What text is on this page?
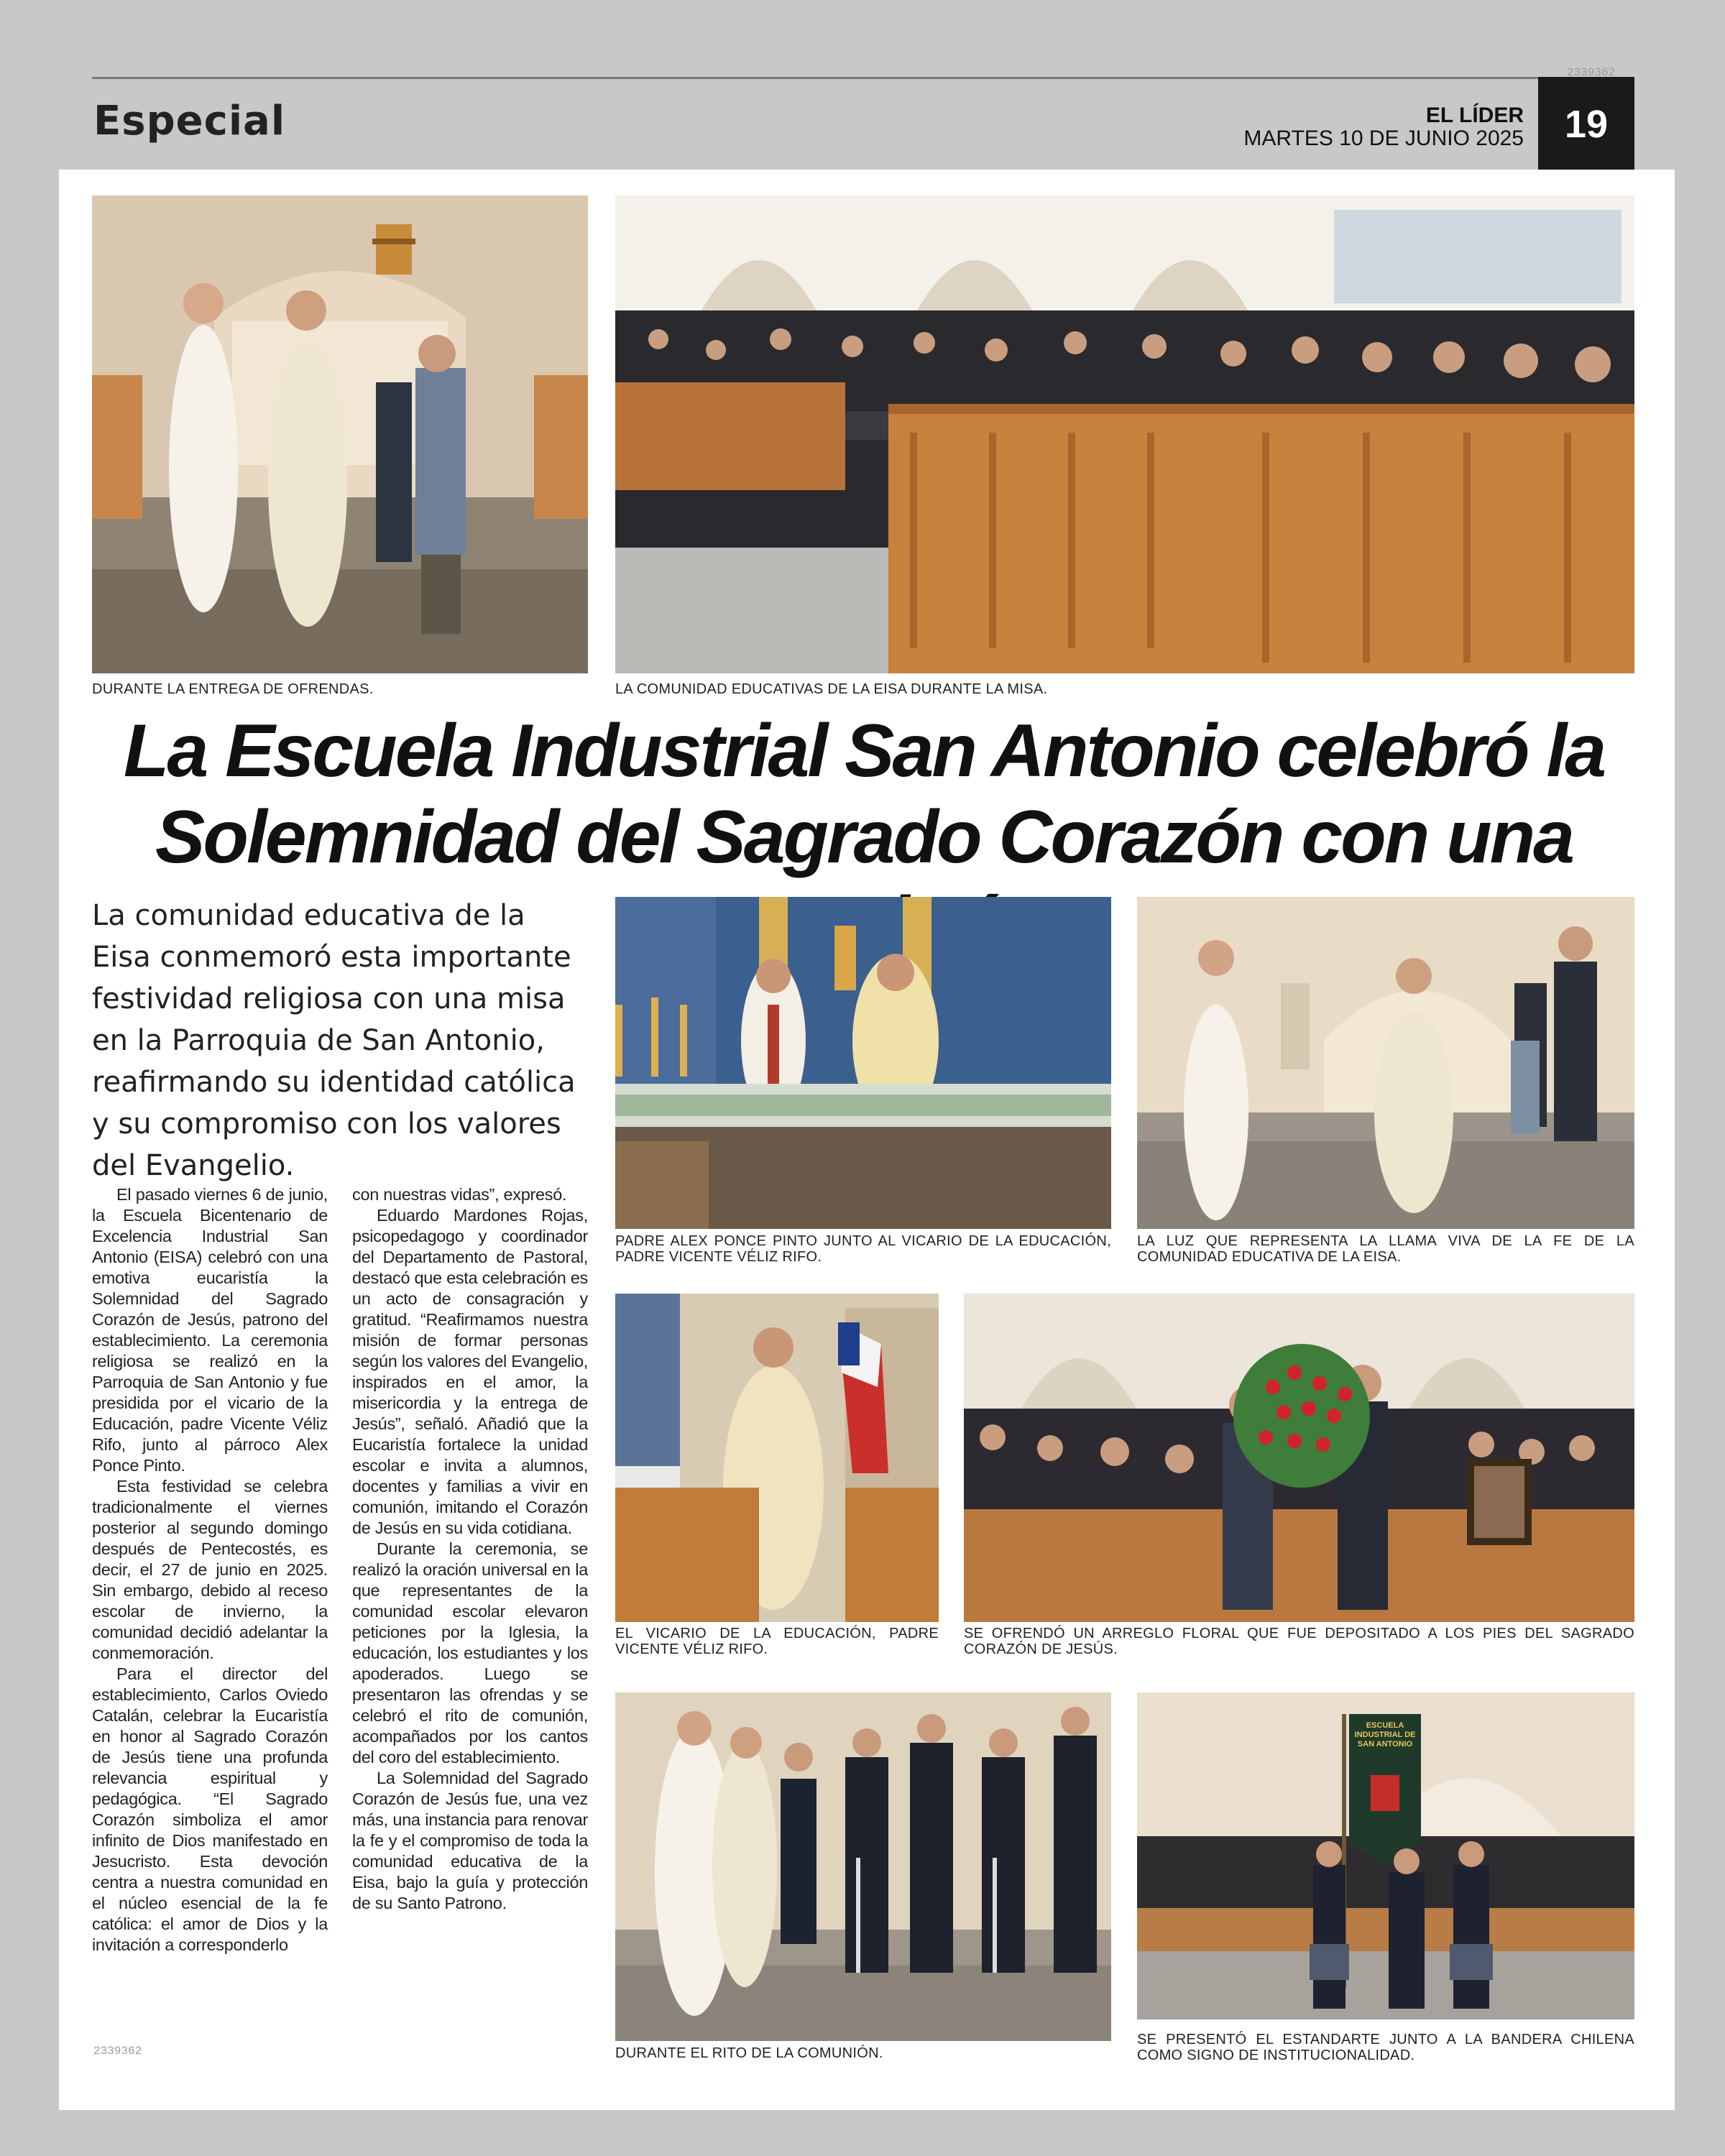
Especial	EL LÍDER
MARTES 10 DE JUNIO 2025	19
2339362
DURANTE LA ENTREGA DE OFRENDAS.	LA COMUNIDAD EDUCATIVAS DE LA EISA DURANTE LA MISA.
La Escuela Industrial San Antonio celebró la
Solemnidad del Sagrado Corazón con una
La comunidad educativa de la Eisa conmemoró esta importante festividad religiosa con una misa en la Parroquia de San Antonio, reafirmando su identidad católica y su compromiso con los valores del Evangelio.

El pasado viernes 6 de junio, la Escuela Bicentenario de Excelencia Industrial San Antonio (EISA) celebró con una emotiva eucaristía la Solemnidad del Sagrado Corazón de Jesús, patrono del establecimiento. La ceremonia religiosa se realizó en la Parroquia de San Antonio y fue presidida por el vicario de la Educación, padre Vicente Véliz Rifo, junto al párroco Alex Ponce Pinto.

Esta festividad se celebra tradicionalmente el viernes posterior al segundo domingo después de Pentecostés, es decir, el 27 de junio en 2025. Sin embargo, debido al receso escolar de invierno, la comunidad decidió adelantar la conmemoración.

Para el director del establecimiento, Carlos Oviedo Catalán, celebrar la Eucaristía en honor al Sagrado Corazón de Jesús tiene una profunda relevancia espiritual y pedagógica. “El Sagrado Corazón simboliza el amor infinito de Dios manifestado en Jesucristo. Esta devoción centra a nuestra comunidad en el núcleo esencial de la fe católica: el amor de Dios y la invitación a corresponderlo

con nuestras vidas”, expresó.

Eduardo Mardones Rojas, psicopedagogo y coordinador del Departamento de Pastoral, destacó que esta celebración es un acto de consagración y gratitud. “Reafirmamos nuestra misión de formar personas según los valores del Evangelio, inspirados en el amor, la misericordia y la entrega de Jesús”, señaló. Añadió que la Eucaristía fortalece la unidad escolar e invita a alumnos, docentes y familias a vivir en comunión, imitando el Corazón de Jesús en su vida cotidiana.

Durante la ceremonia, se realizó la oración universal en la que representantes de la comunidad escolar elevaron peticiones por la Iglesia, la educación, los estudiantes y los apoderados. Luego se presentaron las ofrendas y se celebró el rito de comunión, acompañados por los cantos del coro del establecimiento.

La Solemnidad del Sagrado Corazón de Jesús fue, una vez más, una instancia para renovar la fe y el compromiso de toda la comunidad educativa de la Eisa, bajo la guía y protección de su Santo Patrono.

2339362
PADRE ALEX PONCE PINTO JUNTO AL VICARIO DE LA EDUCACIÓN, PADRE VICENTE VÉLIZ RIFO.
LA LUZ QUE REPRESENTA LA LLAMA VIVA DE LA FE DE LA COMUNIDAD EDUCATIVA DE LA EISA.
EL VICARIO DE LA EDUCACIÓN, PADRE VICENTE VÉLIZ RIFO.
SE OFRENDÓ UN ARREGLO FLORAL QUE FUE DEPOSITADO A LOS PIES DEL SAGRADO CORAZÓN DE JESÚS.
ESCUELA INDUSTRIAL DE SAN ANTONIO
DURANTE EL RITO DE LA COMUNIÓN.
SE PRESENTÓ EL ESTANDARTE JUNTO A LA BANDERA CHILENA COMO SIGNO DE INSTITUCIONALIDAD.
